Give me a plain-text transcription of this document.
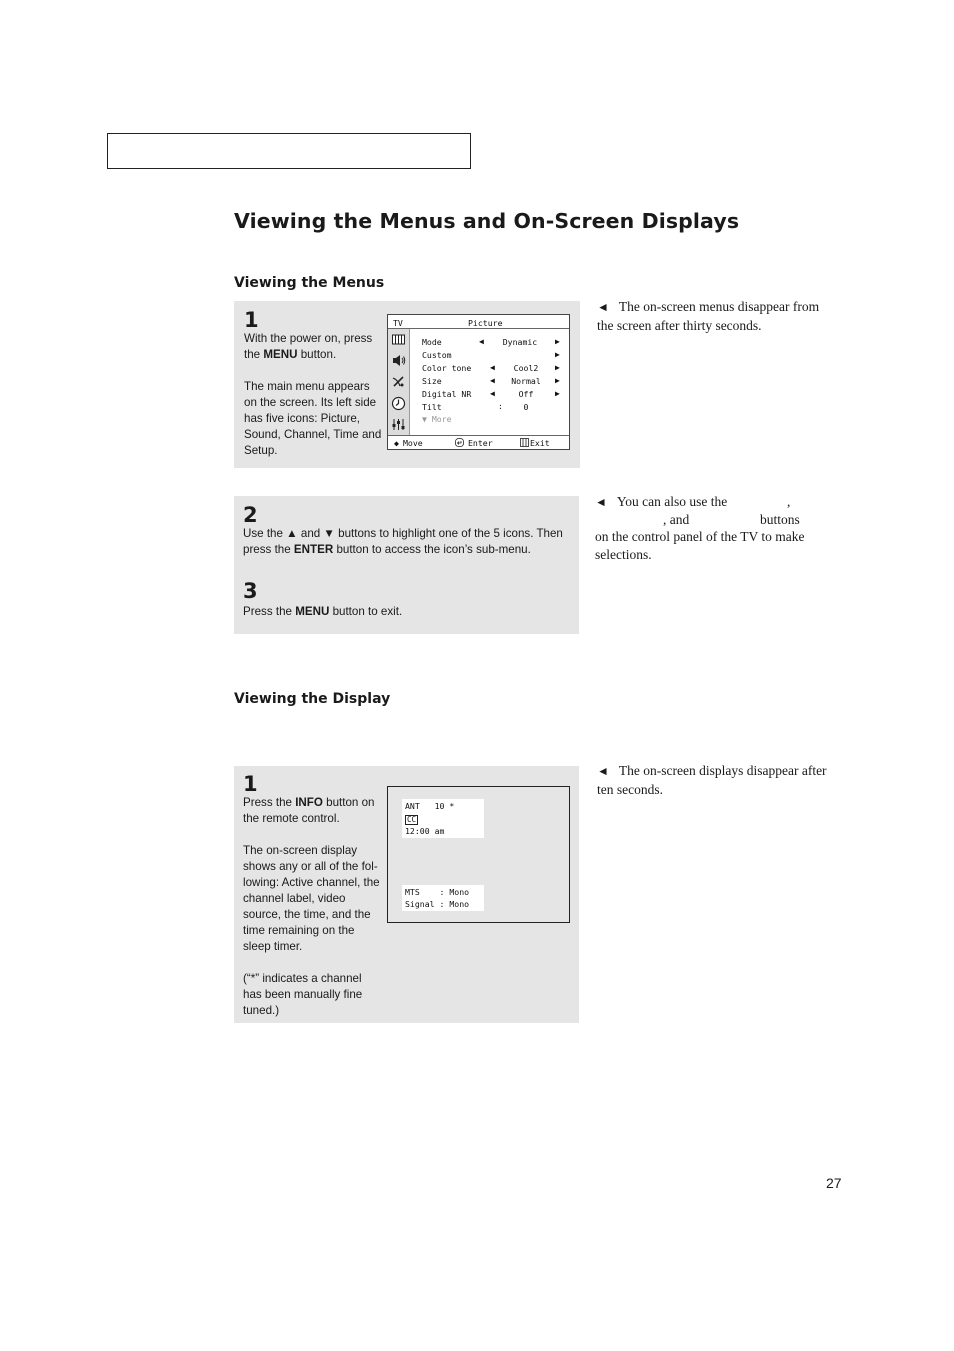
Viewing the Menus and On-Screen Displays
Viewing the Menus
1

With the power on, press the MENU button.

The main menu appears on the screen. Its left side has five icons: Picture, Sound, Channel, Time and Setup.

TV	Picture
Mode	◀	Dynamic	▶
Custom	▶
Color tone ◀	Cool2	▶
Size	◀	Normal	▶
Digital NR ◀	Off	▶
Tilt	:	0
▼ More
◆ Move	Enter	Exit
◄ The on-screen menus disappear from the screen after thirty seconds.
2
Use the ▲ and ▼ buttons to highlight one of the 5 icons. Then press the ENTER button to access the icon’s sub-menu.
3
Press the MENU button to exit.
◄ You can also use the	,
, and	buttons
on the control panel of the TV to make selections.
Viewing the Display
1

Press the INFO button on the remote control.

The on-screen display shows any or all of the fol-lowing: Active channel, the channel label, video source, the time, and the time remaining on the sleep timer.

(“*” indicates a channel has been manually fine tuned.)

ANT   10 *

CC

12:00 am

MTS    : Mono

Signal : Mono

◄ The on-screen displays disappear after ten seconds.
27
